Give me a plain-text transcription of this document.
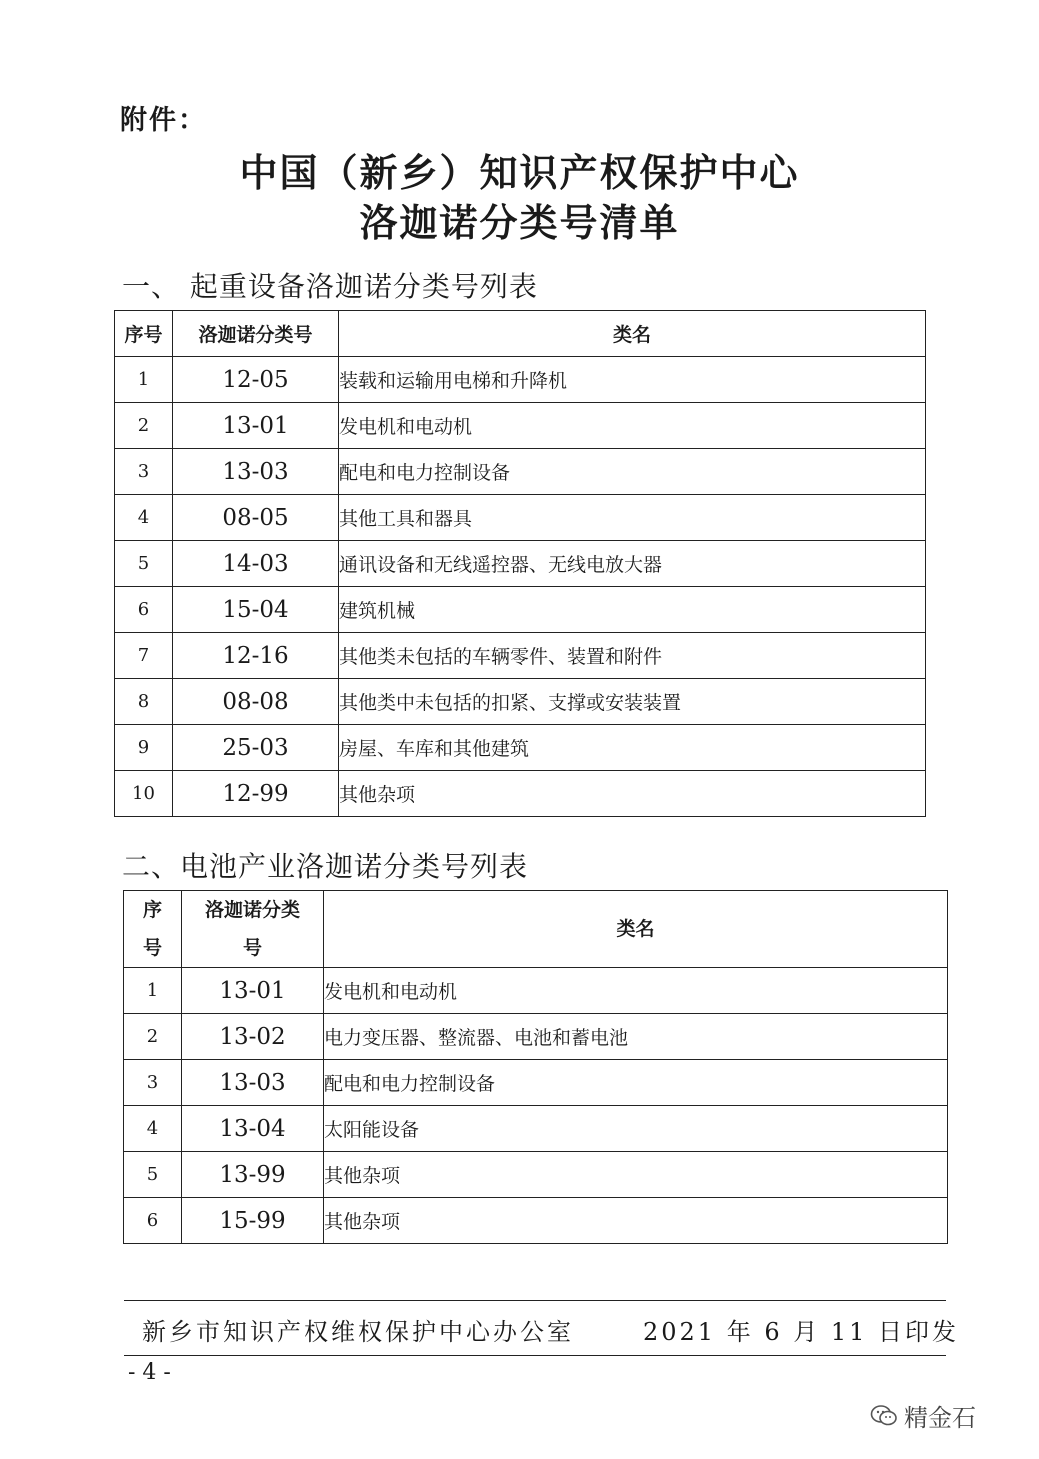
附件：
中国（新乡）知识产权保护中心
洛迦诺分类号清单
一、 起重设备洛迦诺分类号列表
序号	洛迦诺分类号	类名
1	12-05	装载和运输用电梯和升降机
2	13-01	发电机和电动机
3	13-03	配电和电力控制设备
4	08-05	其他工具和器具
5	14-03	通讯设备和无线遥控器、无线电放大器
6	15-04	建筑机械
7	12-16	其他类未包括的车辆零件、装置和附件
8	08-08	其他类中未包括的扣紧、支撑或安装装置
9	25-03	房屋、车库和其他建筑
10	12-99	其他杂项
二、电池产业洛迦诺分类号列表
序号	洛迦诺分类号	类名
1	13-01	发电机和电动机
2	13-02	电力变压器、整流器、电池和蓄电池
3	13-03	配电和电力控制设备
4	13-04	太阳能设备
5	13-99	其他杂项
6	15-99	其他杂项
新乡市知识产权维权保护中心办公室	2021 年 6 月 11 日印发
- 4 -
精金石
